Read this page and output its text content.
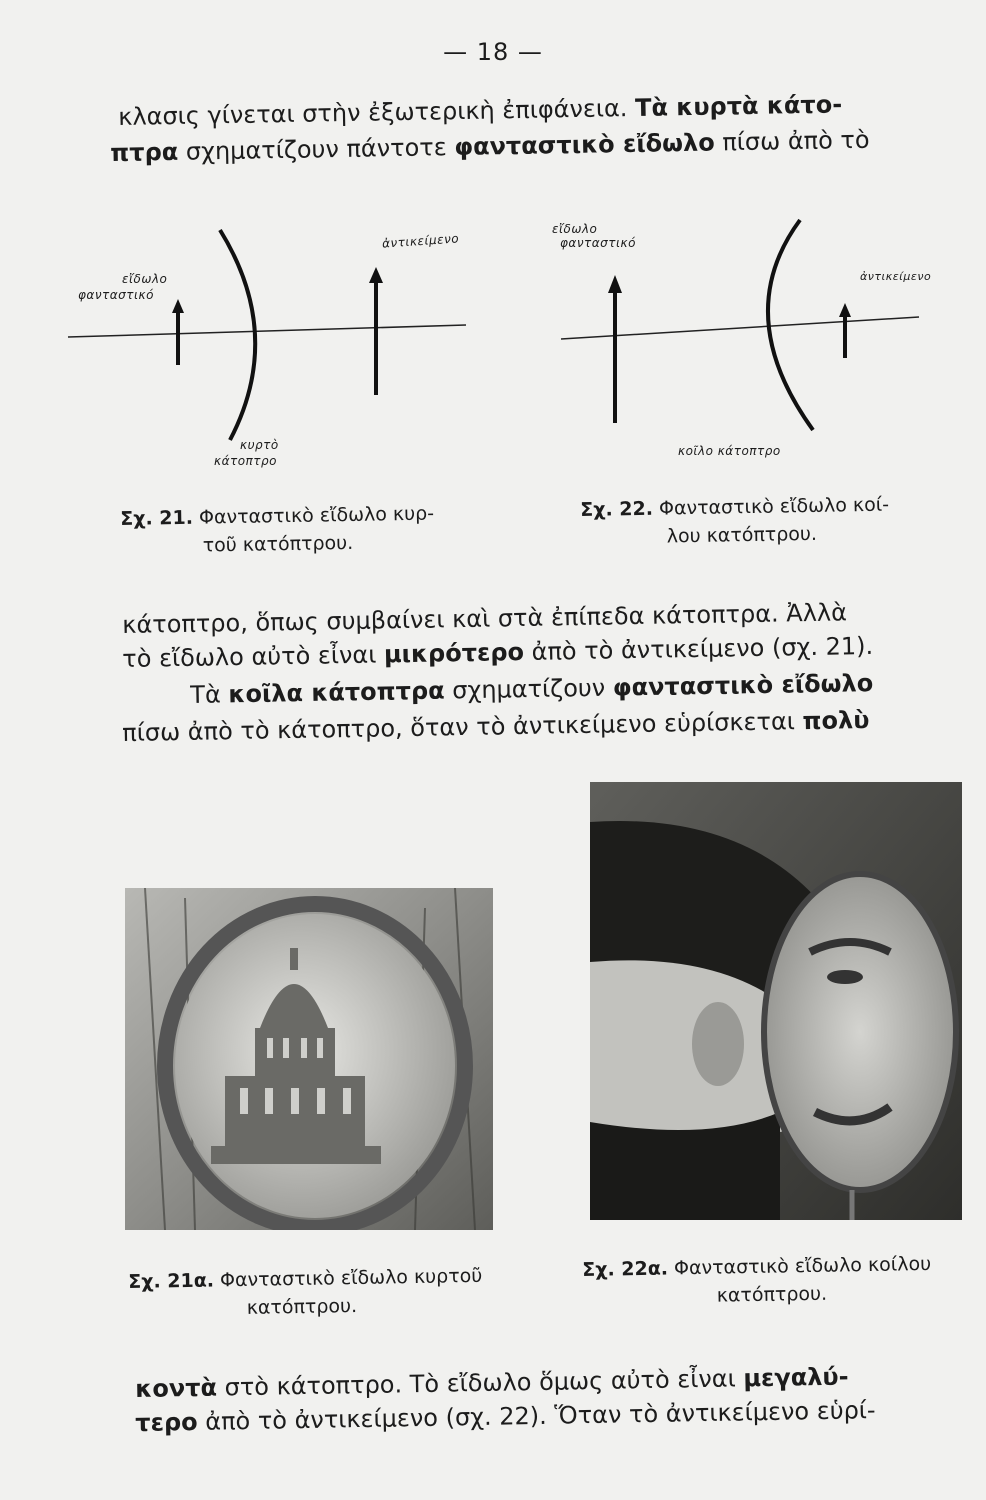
— 18 —
κλασις γίνεται στὴν ἐξωτερικὴ ἐπιφάνεια. Τὰ κυρτὰ κάτο-
πτρα σχηματίζουν πάντοτε φανταστικὸ εἴδωλο πίσω ἀπὸ τὸ
εἴδωλο
φανταστικό
ἀντικείμενο
κυρτὸ
κάτοπτρο
εἴδωλο
φανταστικό
ἀντικείμενο
κοῖλο κάτοπτρο
Σχ. 21. Φανταστικὸ εἴδωλο κυρ-
τοῦ κατόπτρου.
Σχ. 22. Φανταστικὸ εἴδωλο κοί-
λου κατόπτρου.
κάτοπτρο, ὅπως συμβαίνει καὶ στὰ ἐπίπεδα κάτοπτρα. Ἀλλὰ
τὸ εἴδωλο αὐτὸ εἶναι μικρότερο ἀπὸ τὸ ἀντικείμενο (σχ. 21).
Τὰ κοῖλα κάτοπτρα σχηματίζουν φανταστικὸ εἴδωλο
πίσω ἀπὸ τὸ κάτοπτρο, ὅταν τὸ ἀντικείμενο εὑρίσκεται πολὺ
Σχ. 21α. Φανταστικὸ εἴδωλο κυρτοῦ
κατόπτρου.
Σχ. 22α. Φανταστικὸ εἴδωλο κοίλου
κατόπτρου.
κοντὰ στὸ κάτοπτρο. Τὸ εἴδωλο ὅμως αὐτὸ εἶναι μεγαλύ-
τερο ἀπὸ τὸ ἀντικείμενο (σχ. 22). Ὅταν τὸ ἀντικείμενο εὑρί-
